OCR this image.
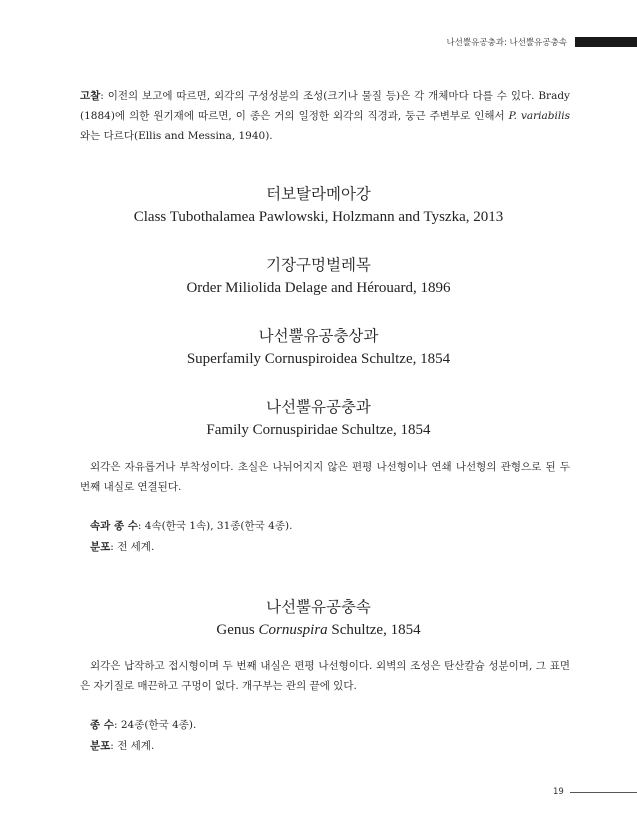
나선뿔유공충과: 나선뿔유공충속
고찰: 이전의 보고에 따르면, 외각의 구성성분의 조성(크기나 물질 등)은 각 개체마다 다를 수 있다. Brady (1884)에 의한 원기재에 따르면, 이 종은 거의 일정한 외각의 직경과, 둥근 주변부로 인해서 P. variabilis와는 다르다(Ellis and Messina, 1940).
터보탈라메아강
Class Tubothalamea Pawlowski, Holzmann and Tyszka, 2013
기장구멍벌레목
Order Miliolida Delage and Hérouard, 1896
나선뿔유공충상과
Superfamily Cornuspiroidea Schultze, 1854
나선뿔유공충과
Family Cornuspiridae Schultze, 1854
외각은 자유롭거나 부착성이다. 초실은 나뉘어지지 않은 편평 나선형이나 연쇄 나선형의 관형으로 된 두 번째 내실로 연결된다.
속과 종 수: 4속(한국 1속), 31종(한국 4종).
분포: 전 세계.
나선뿔유공충속
Genus Cornuspira Schultze, 1854
외각은 납작하고 접시형이며 두 번째 내실은 편평 나선형이다. 외벽의 조성은 탄산칼슘 성분이며, 그 표면은 자기질로 매끈하고 구멍이 없다. 개구부는 관의 끝에 있다.
종 수: 24종(한국 4종).
분포: 전 세계.
19
